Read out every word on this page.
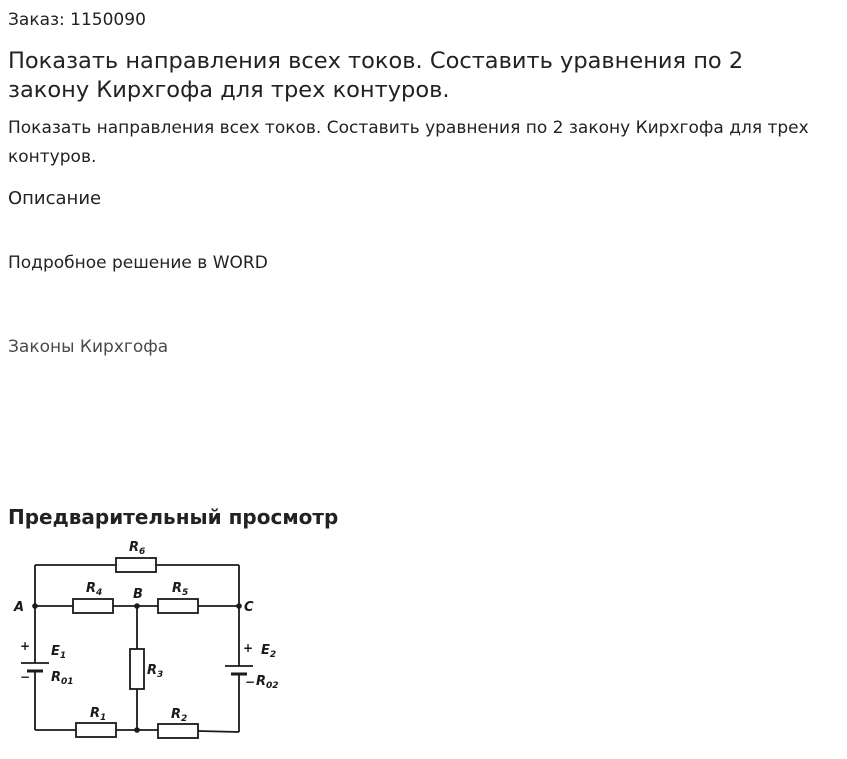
Заказ: 1150090
Показать направления всех токов. Составить уравнения по 2 закону Кирхгофа для трех контуров.

Показать направления всех токов. Составить уравнения по 2 закону Кирхгофа для трех контуров.

Описание

Подробное решение в WORD

Законы Кирхгофа
Предварительный просмотр
$R_6$
$R_4$	$R_5$
A
B
C
$R_3$
+ $E_1$
− $R_{01}$
+ $E_2$
− $R_{02}$
$R_1$	$R_2$
